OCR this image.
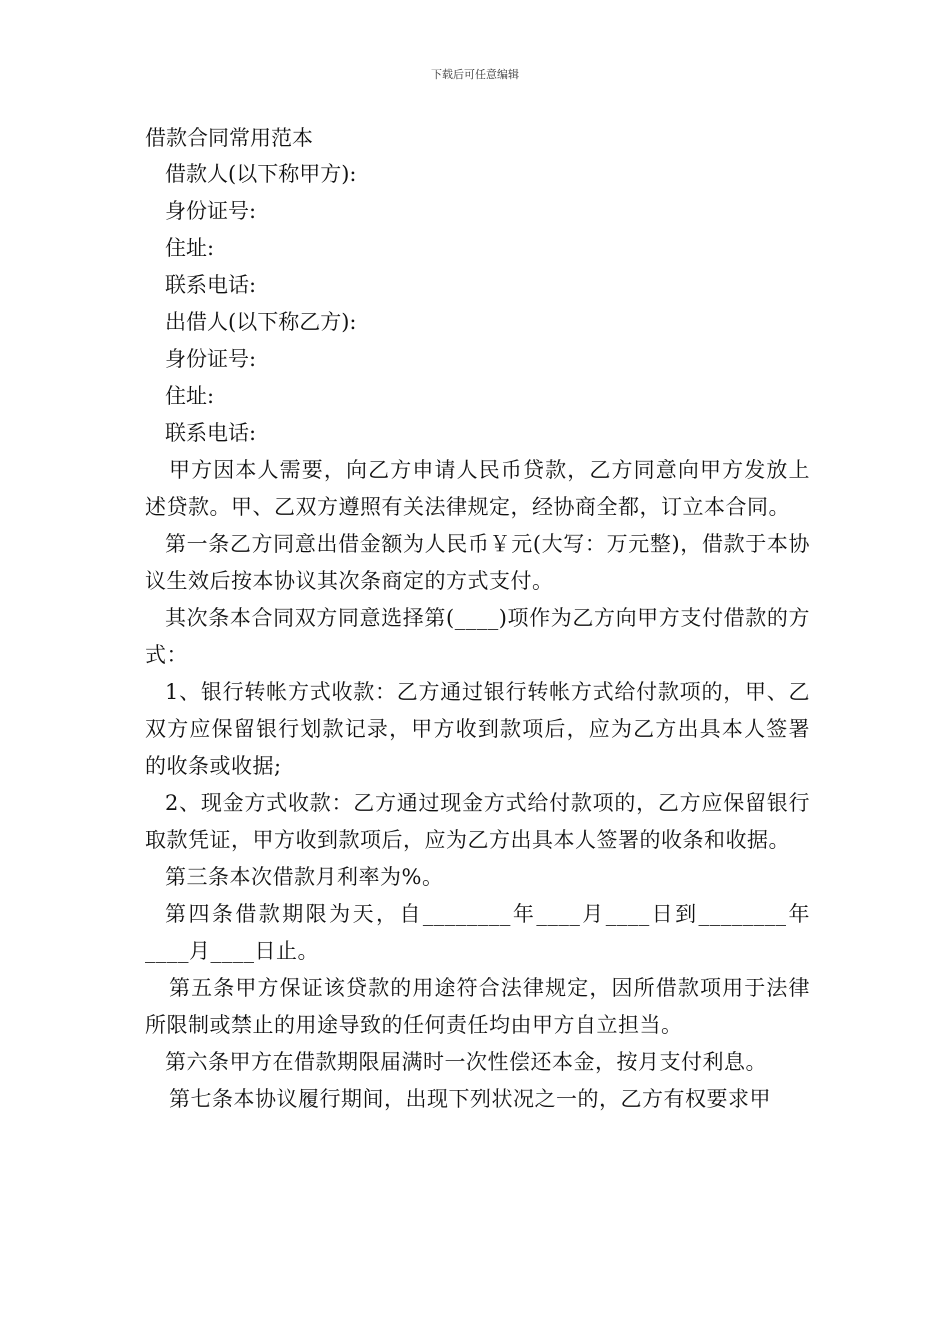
下载后可任意编辑
借款合同常用范本

借款人(以下称甲方):

身份证号:

住址:

联系电话:

出借人(以下称乙方):

身份证号:

住址:

联系电话:

甲方因本人需要，向乙方申请人民币贷款，乙方同意向甲方发放上述贷款。甲、乙双方遵照有关法律规定，经协商全都，订立本合同。

第一条乙方同意出借金额为人民币￥元(大写：万元整)，借款于本协议生效后按本协议其次条商定的方式支付。

其次条本合同双方同意选择第(____)项作为乙方向甲方支付借款的方式：

1、银行转帐方式收款：乙方通过银行转帐方式给付款项的，甲、乙双方应保留银行划款记录，甲方收到款项后，应为乙方出具本人签署的收条或收据;

2、现金方式收款：乙方通过现金方式给付款项的，乙方应保留银行取款凭证，甲方收到款项后，应为乙方出具本人签署的收条和收据。

第三条本次借款月利率为%。

第四条借款期限为天，自________年____月____日到________年____月____日止。

第五条甲方保证该贷款的用途符合法律规定，因所借款项用于法律所限制或禁止的用途导致的任何责任均由甲方自立担当。

第六条甲方在借款期限届满时一次性偿还本金，按月支付利息。

第七条本协议履行期间，出现下列状况之一的，乙方有权要求甲
